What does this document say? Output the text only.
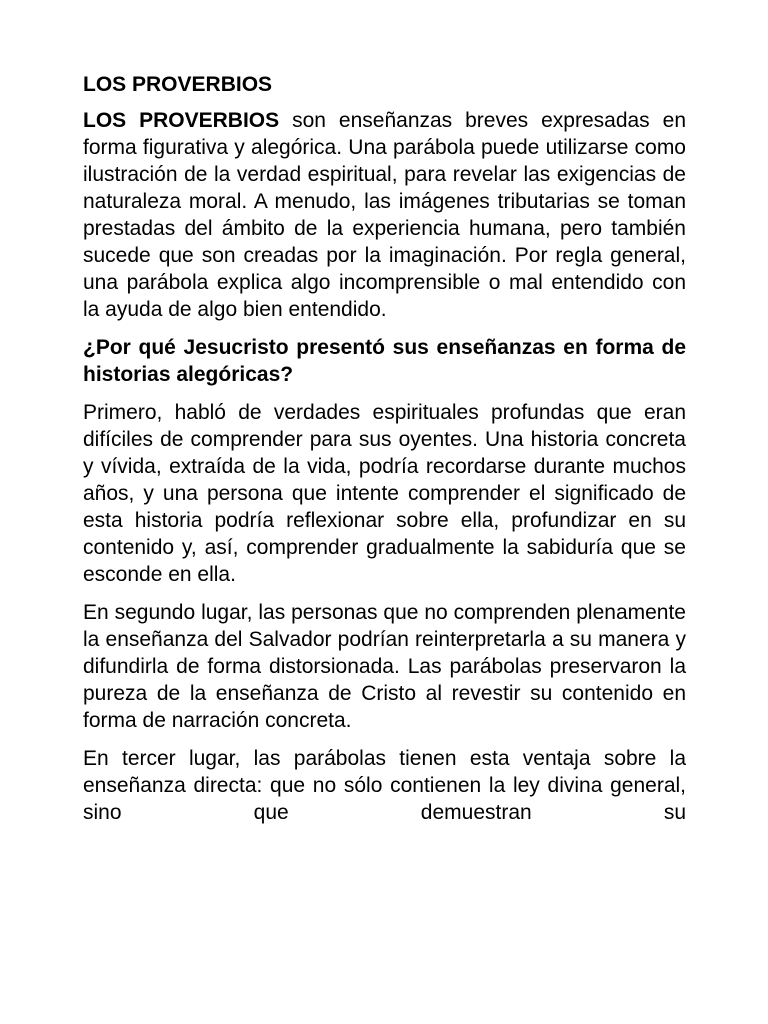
LOS PROVERBIOS

LOS PROVERBIOS son enseñanzas breves expresadas en forma figurativa y alegórica. Una parábola puede utilizarse como ilustración de la verdad espiritual, para revelar las exigencias de naturaleza moral. A menudo, las imágenes tributarias se toman prestadas del ámbito de la experiencia humana, pero también sucede que son creadas por la imaginación. Por regla general, una parábola explica algo incomprensible o mal entendido con la ayuda de algo bien entendido.

¿Por qué Jesucristo presentó sus enseñanzas en forma de historias alegóricas?

Primero, habló de verdades espirituales profundas que eran difíciles de comprender para sus oyentes. Una historia concreta y vívida, extraída de la vida, podría recordarse durante muchos años, y una persona que intente comprender el significado de esta historia podría reflexionar sobre ella, profundizar en su contenido y, así, comprender gradualmente la sabiduría que se esconde en ella.

En segundo lugar, las personas que no comprenden plenamente la enseñanza del Salvador podrían reinterpretarla a su manera y difundirla de forma distorsionada. Las parábolas preservaron la pureza de la enseñanza de Cristo al revestir su contenido en forma de narración concreta.

En tercer lugar, las parábolas tienen esta ventaja sobre la enseñanza directa: que no sólo contienen la ley divina general, sino que demuestran su
